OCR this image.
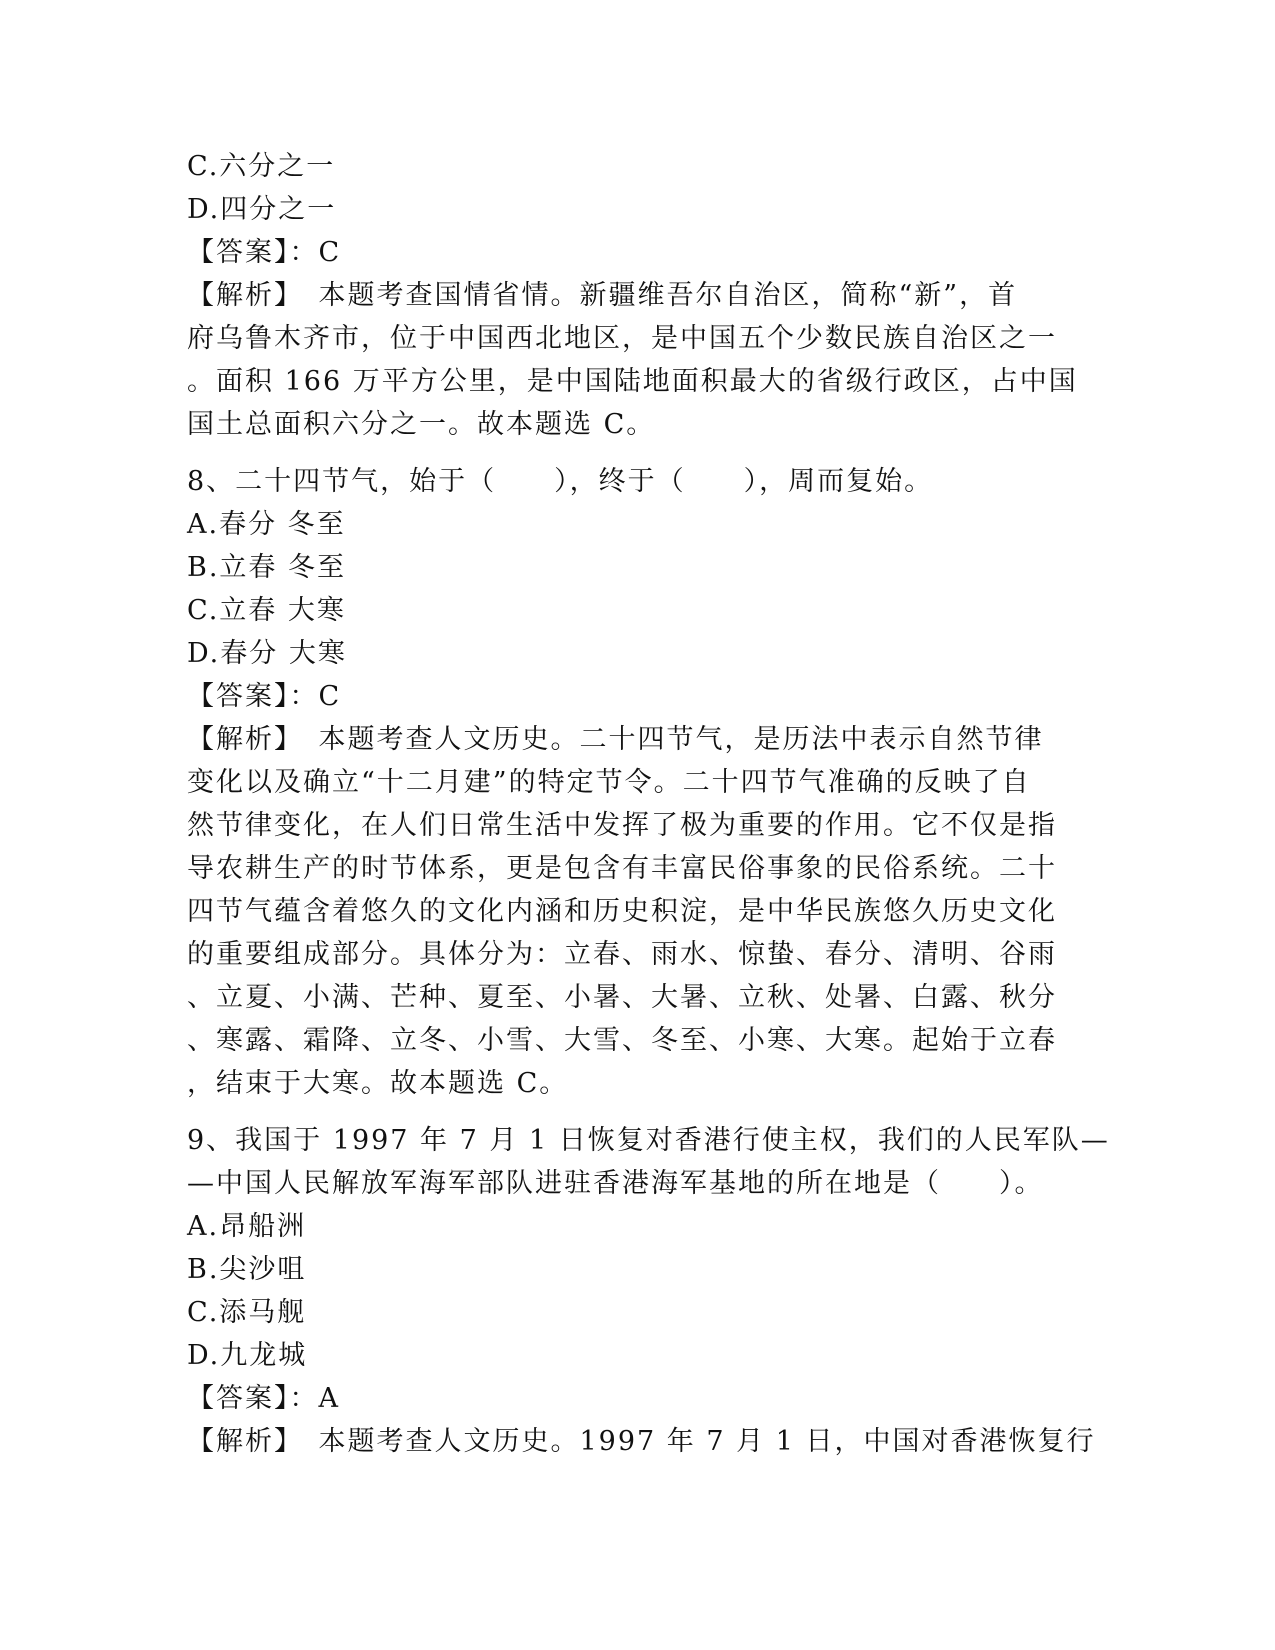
C.六分之一
D.四分之一
【答案】：C
【解析】　本题考查国情省情。新疆维吾尔自治区，简称“新”，首
府乌鲁木齐市，位于中国西北地区，是中国五个少数民族自治区之一
。面积 166 万平方公里，是中国陆地面积最大的省级行政区，占中国
国土总面积六分之一。故本题选 C。
8、二十四节气，始于（　　），终于（　　），周而复始。
A.春分 冬至
B.立春 冬至
C.立春 大寒
D.春分 大寒
【答案】：C
【解析】　本题考查人文历史。二十四节气，是历法中表示自然节律
变化以及确立“十二月建”的特定节令。二十四节气准确的反映了自
然节律变化，在人们日常生活中发挥了极为重要的作用。它不仅是指
导农耕生产的时节体系，更是包含有丰富民俗事象的民俗系统。二十
四节气蕴含着悠久的文化内涵和历史积淀，是中华民族悠久历史文化
的重要组成部分。具体分为：立春、雨水、惊蛰、春分、清明、谷雨
、立夏、小满、芒种、夏至、小暑、大暑、立秋、处暑、白露、秋分
、寒露、霜降、立冬、小雪、大雪、冬至、小寒、大寒。起始于立春
，结束于大寒。故本题选 C。
9、我国于 1997 年 7 月 1 日恢复对香港行使主权，我们的人民军队—
—中国人民解放军海军部队进驻香港海军基地的所在地是（　　）。
A.昂船洲
B.尖沙咀
C.添马舰
D.九龙城
【答案】：A
【解析】　本题考查人文历史。1997 年 7 月 1 日，中国对香港恢复行
